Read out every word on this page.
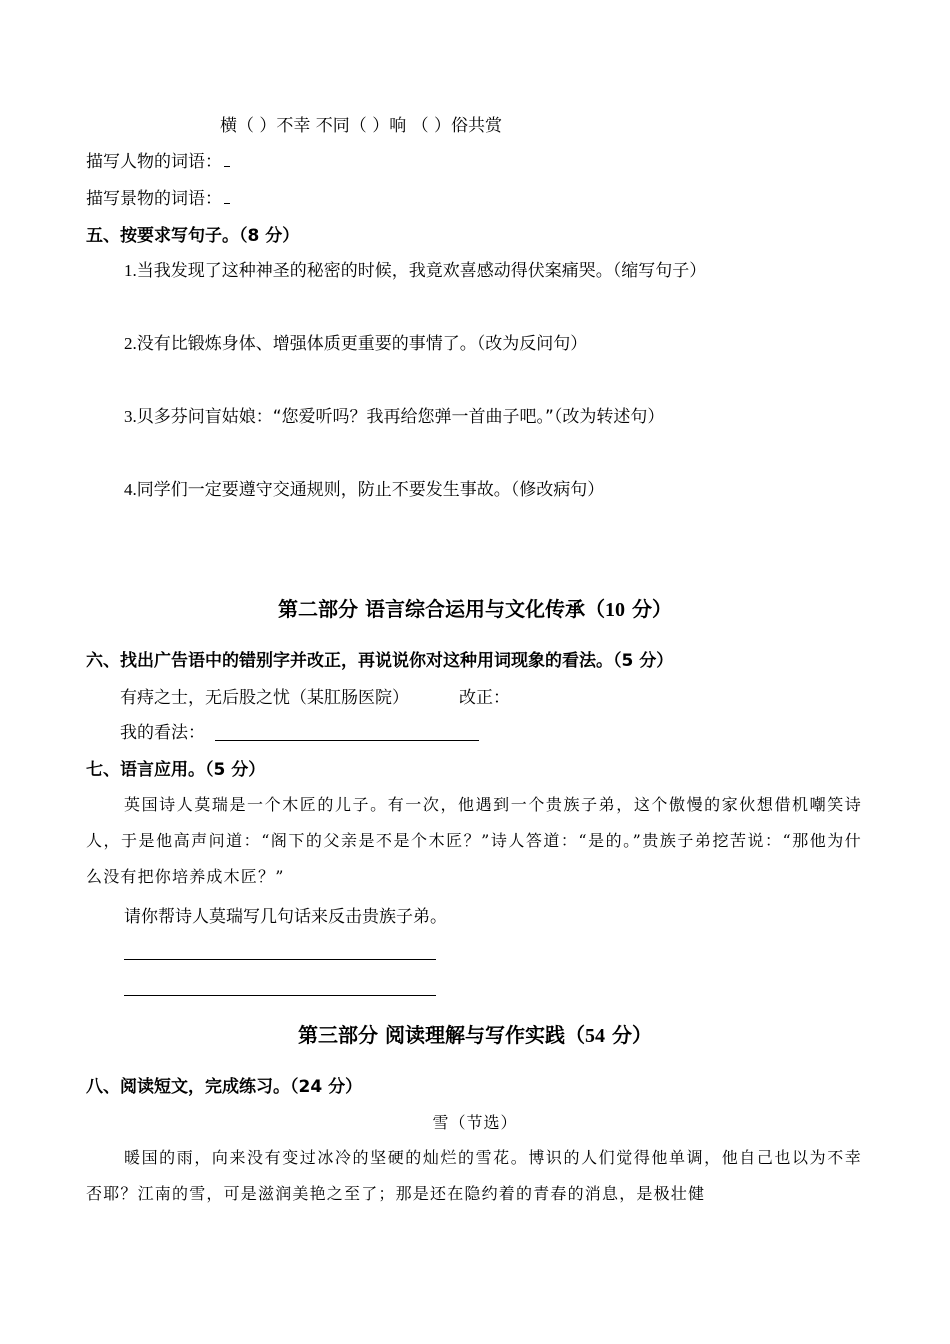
横（ ）不幸 不同（ ）响 （ ）俗共赏
描写人物的词语：
描写景物的词语：
五、按要求写句子。（8 分）
1.当我发现了这种神圣的秘密的时候，我竟欢喜感动得伏案痛哭。（缩写句子）
2.没有比锻炼身体、增强体质更重要的事情了。（改为反问句）
3.贝多芬问盲姑娘：“您爱听吗？我再给您弹一首曲子吧。”（改为转述句）
4.同学们一定要遵守交通规则，防止不要发生事故。（修改病句）
第二部分 语言综合运用与文化传承（10 分）
六、找出广告语中的错别字并改正，再说说你对这种用词现象的看法。（5 分）
有痔之士，无后股之忧（某肛肠医院）	改正：
我的看法：
七、语言应用。（5 分）
英国诗人莫瑞是一个木匠的儿子。有一次，他遇到一个贵族子弟，这个傲慢的家伙想借机嘲笑诗人，于是他高声问道：“阁下的父亲是不是个木匠？”诗人答道：“是的。”贵族子弟挖苦说：“那他为什么没有把你培养成木匠？”
请你帮诗人莫瑞写几句话来反击贵族子弟。
第三部分 阅读理解与写作实践（54 分）
八、阅读短文，完成练习。（24 分）
雪（节选）
暖国的雨，向来没有变过冰冷的坚硬的灿烂的雪花。博识的人们觉得他单调，他自己也以为不幸否耶？江南的雪，可是滋润美艳之至了；那是还在隐约着的青春的消息，是极壮健
